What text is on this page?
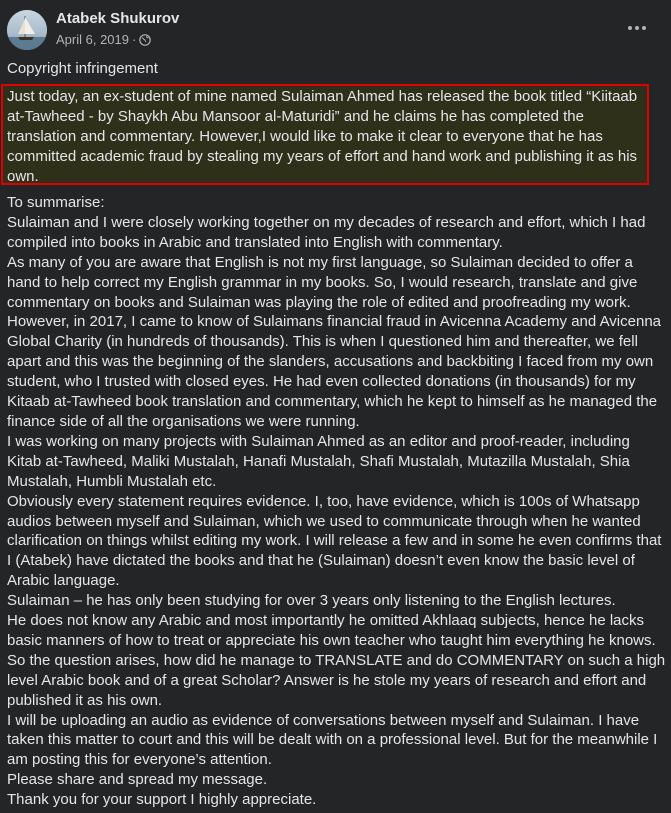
Atabek Shukurov
April 6, 2019 ·
Copyright infringement

Just today, an ex-student of mine named Sulaiman Ahmed has released the book titled “Kiitaab at-Tawheed - by Shaykh Abu Mansoor al-Maturidi” and he claims he has completed the translation and commentary. However,I would like to make it clear to everyone that he has committed academic fraud by stealing my years of effort and hand work and publishing it as his own.

To summarise:

Sulaiman and I were closely working together on my decades of research and effort, which I had compiled into books in Arabic and translated into English with commentary.

As many of you are aware that English is not my first language, so Sulaiman decided to offer a hand to help correct my English grammar in my books. So, I would research, translate and give commentary on books and Sulaiman was playing the role of edited and proofreading my work.

However, in 2017, I came to know of Sulaimans financial fraud in Avicenna Academy and Avicenna Global Charity (in hundreds of thousands). This is when I questioned him and thereafter, we fell apart and this was the beginning of the slanders, accusations and backbiting I faced from my own student, who I trusted with closed eyes. He had even collected donations (in thousands) for my Kitaab at-Tawheed book translation and commentary, which he kept to himself as he managed the finance side of all the organisations we were running.

I was working on many projects with Sulaiman Ahmed as an editor and proof-reader, including Kitab at-Tawheed, Maliki Mustalah, Hanafi Mustalah, Shafi Mustalah, Mutazilla Mustalah, Shia Mustalah, Humbli Mustalah etc.

Obviously every statement requires evidence. I, too, have evidence, which is 100s of Whatsapp audios between myself and Sulaiman, which we used to communicate through when he wanted clarification on things whilst editing my work. I will release a few and in some he even confirms that I (Atabek) have dictated the books and that he (Sulaiman) doesn’t even know the basic level of Arabic language.

Sulaiman – he has only been studying for over 3 years only listening to the English lectures.

He does not know any Arabic and most importantly he omitted Akhlaaq subjects, hence he lacks basic manners of how to treat or appreciate his own teacher who taught him everything he knows. So the question arises, how did he manage to TRANSLATE and do COMMENTARY on such a high level Arabic book and of a great Scholar? Answer is he stole my years of research and effort and published it as his own.

I will be uploading an audio as evidence of conversations between myself and Sulaiman. I have taken this matter to court and this will be dealt with on a professional level. But for the meanwhile I am posting this for everyone’s attention.

Please share and spread my message.

Thank you for your support I highly appreciate.
